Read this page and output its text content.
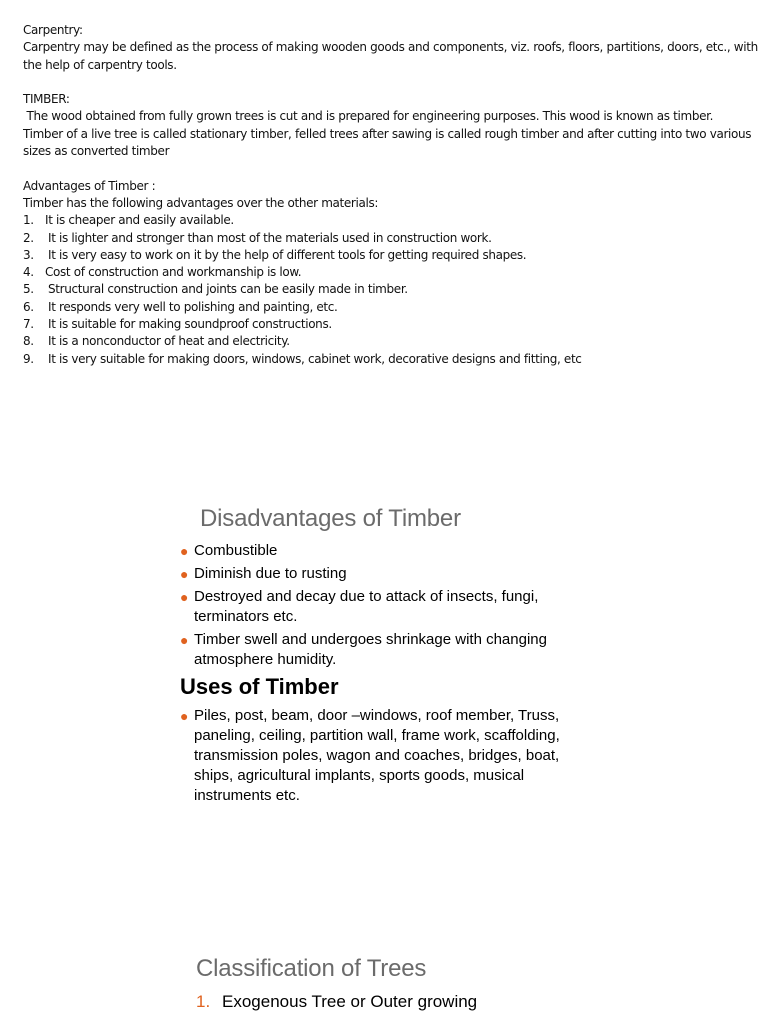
Carpentry:

Carpentry may be defined as the process of making wooden goods and components, viz. roofs, floors, partitions, doors, etc., with the help of carpentry tools.

TIMBER:

The wood obtained from fully grown trees is cut and is prepared for engineering purposes. This wood is known as timber.

Timber of a live tree is called stationary timber, felled trees after sawing is called rough timber and after cutting into two various sizes as converted timber

Advantages of Timber :

Timber has the following advantages over the other materials:

1. It is cheaper and easily available.
2.	It is lighter and stronger than most of the materials used in construction work.
3.	It is very easy to work on it by the help of different tools for getting required shapes.
4. Cost of construction and workmanship is low.
5.	Structural construction and joints can be easily made in timber.
6.	It responds very well to polishing and painting, etc.
7.	It is suitable for making soundproof constructions.
8.	It is a nonconductor of heat and electricity.
9.	It is very suitable for making doors, windows, cabinet work, decorative designs and fitting, etc
Disadvantages of Timber
● Combustible
● Diminish due to rusting
● Destroyed and decay due to attack of insects, fungi, terminators etc.
● Timber swell and undergoes shrinkage with changing atmosphere humidity.
Uses of Timber
● Piles, post, beam, door –windows, roof member, Truss, paneling, ceiling, partition wall, frame work, scaffolding, transmission poles, wagon and coaches, bridges, boat, ships, agricultural implants, sports goods, musical instruments etc.
Classification of Trees
1. Exogenous Tree or Outer growing
